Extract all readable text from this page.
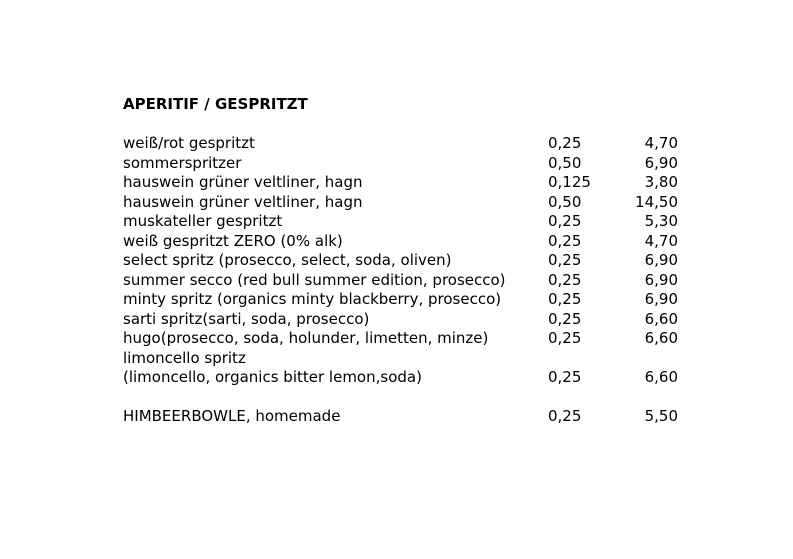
APERITIF / GESPRITZT
weiß/rot gespritzt	0,25	4,70
sommerspritzer	0,50	6,90
hauswein grüner veltliner, hagn	0,125	3,80
hauswein grüner veltliner, hagn	0,50	14,50
muskateller gespritzt	0,25	5,30
weiß gespritzt ZERO (0% alk)	0,25	4,70
select spritz (prosecco, select, soda, oliven)	0,25	6,90
summer secco (red bull summer edition, prosecco)	0,25	6,90
minty spritz (organics minty blackberry, prosecco)	0,25	6,90
sarti spritz(sarti, soda, prosecco)	0,25	6,60
hugo(prosecco, soda, holunder, limetten, minze)	0,25	6,60
limoncello spritz
(limoncello, organics bitter lemon,soda)	0,25	6,60
HIMBEERBOWLE, homemade	0,25	5,50
